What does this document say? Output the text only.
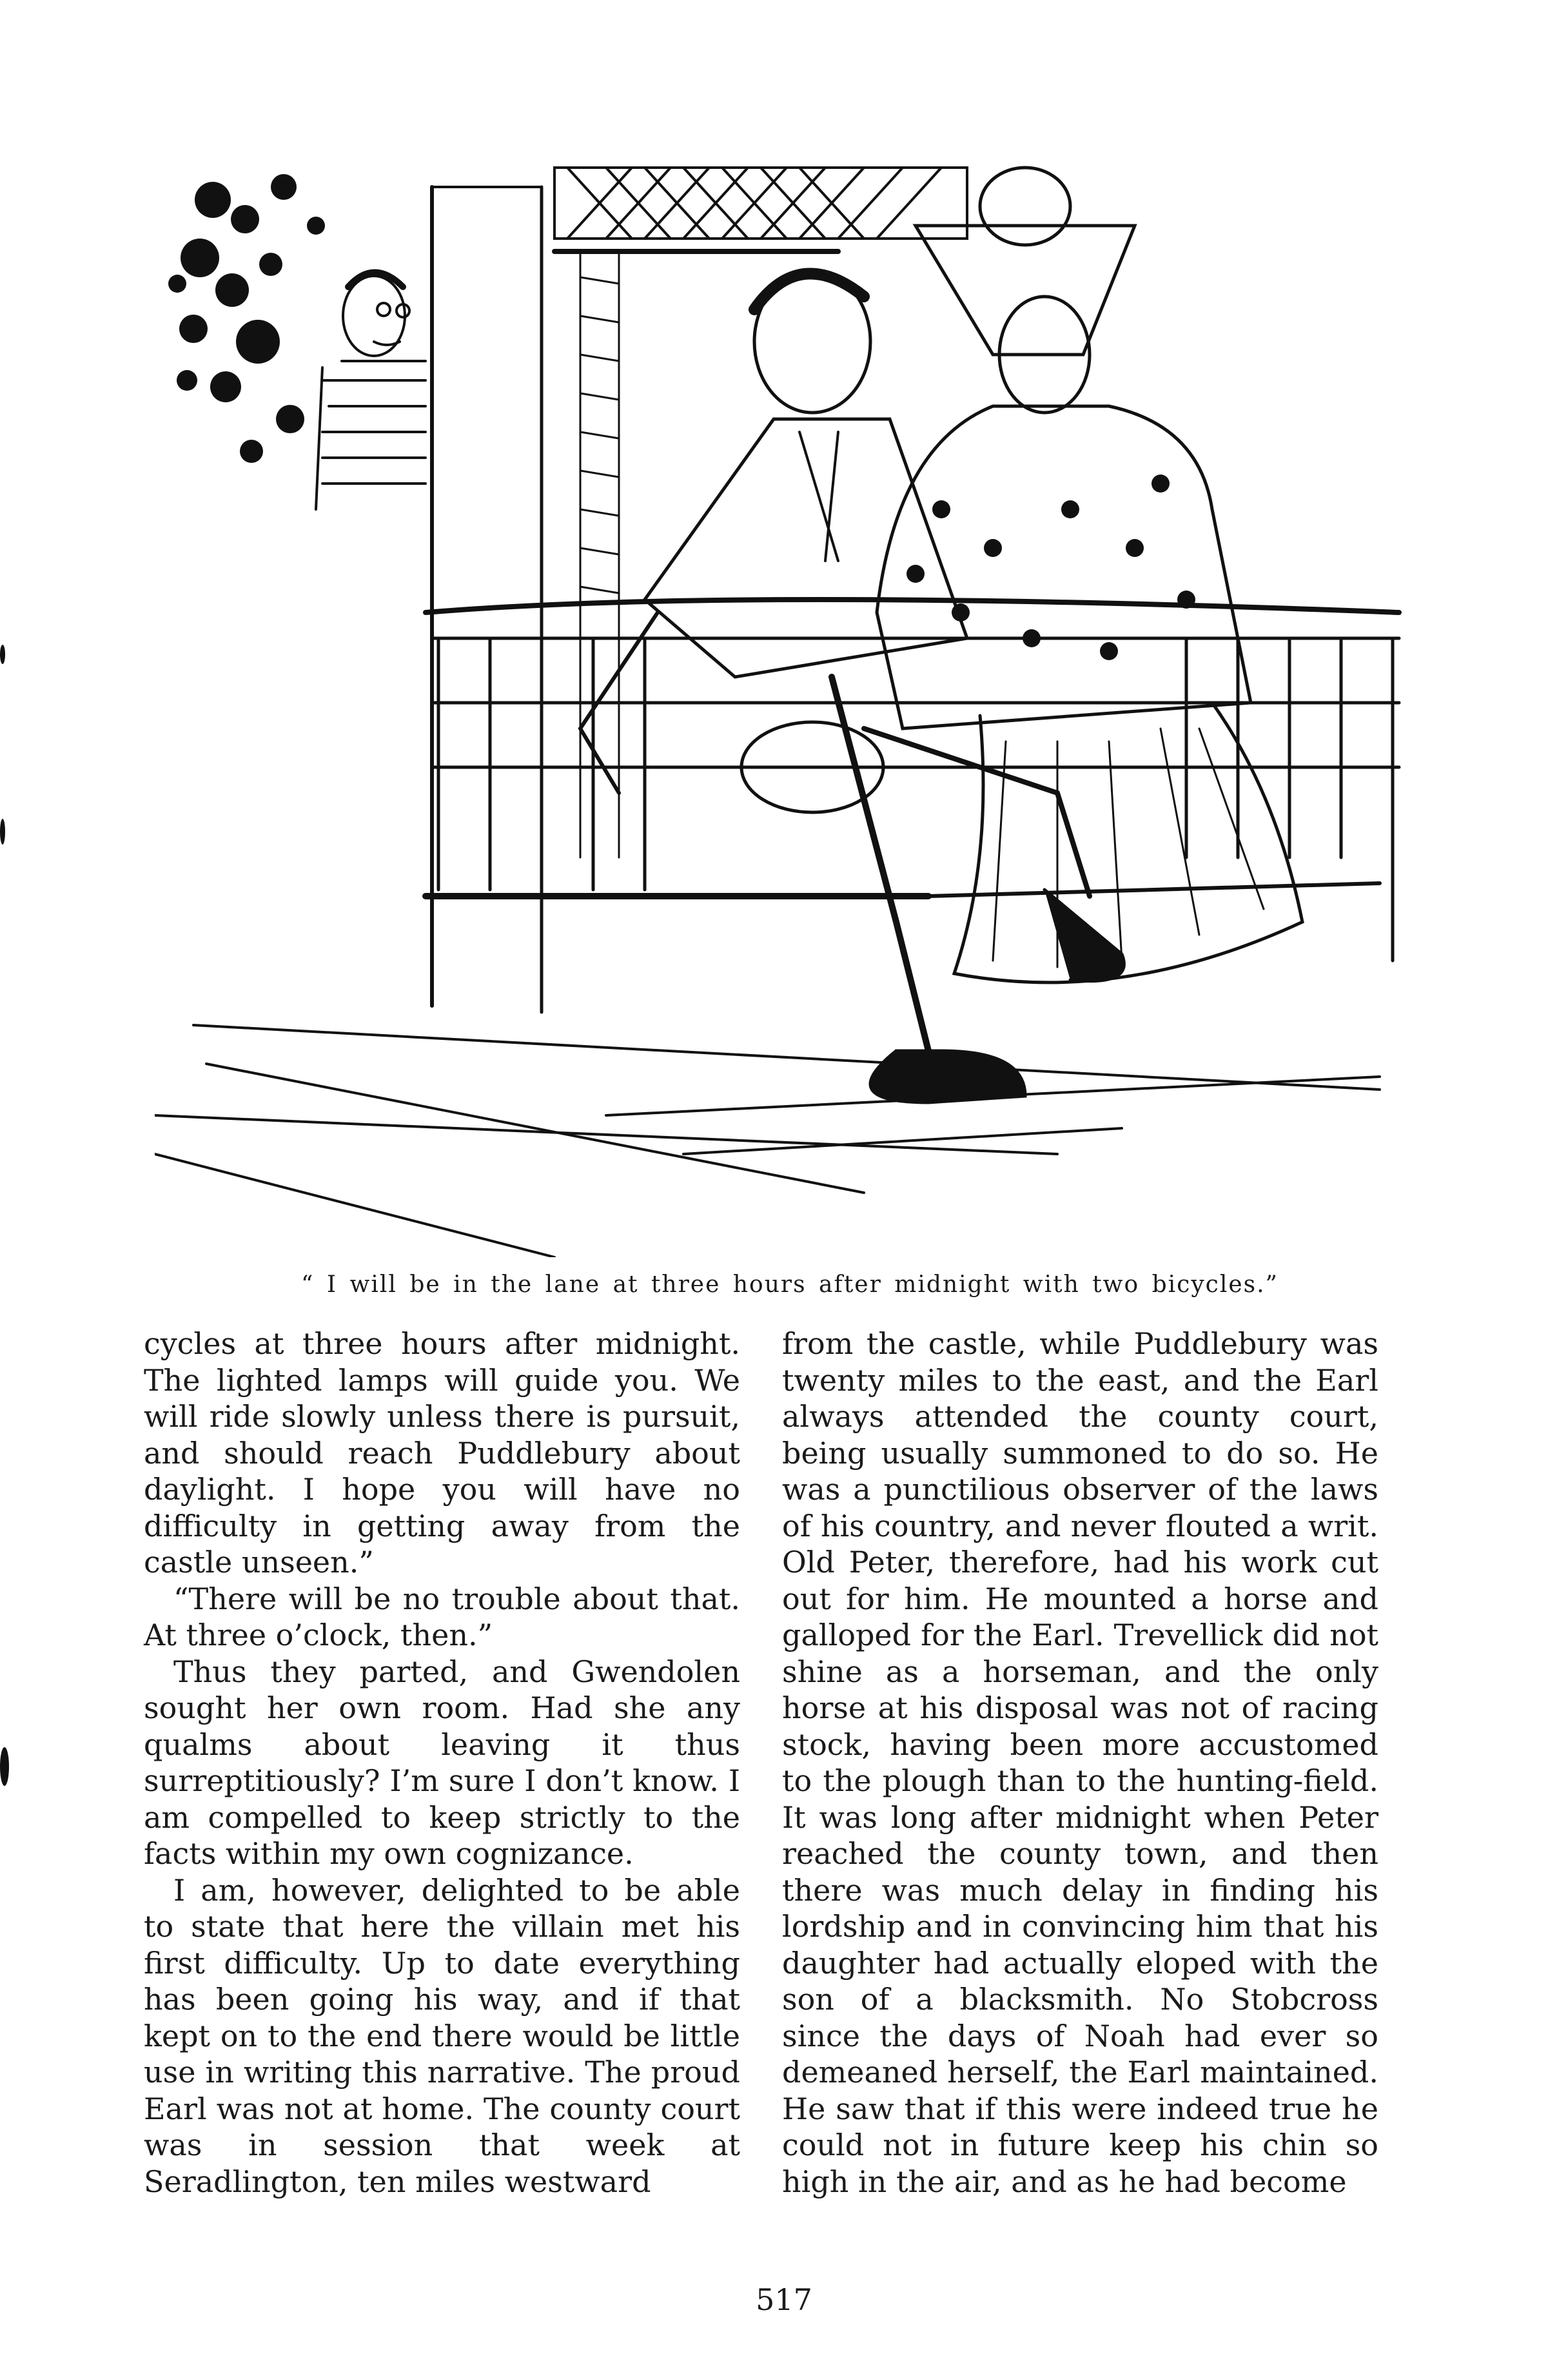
“ I will be in the lane at three hours after midnight with two bicycles.”

cycles at three hours after midnight. The lighted lamps will guide you. We will ride slowly unless there is pursuit, and should reach Puddlebury about daylight. I hope you will have no difficulty in getting away from the castle unseen.”

“There will be no trouble about that. At three o’clock, then.”

Thus they parted, and Gwendolen sought her own room. Had she any qualms about leaving it thus surreptitiously? I’m sure I don’t know. I am compelled to keep strictly to the facts within my own cognizance.

I am, however, delighted to be able to state that here the villain met his first difficulty. Up to date everything has been going his way, and if that kept on to the end there would be little use in writing this narrative. The proud Earl was not at home. The county court was in session that week at Seradlington, ten miles westward

from the castle, while Puddlebury was twenty miles to the east, and the Earl always attended the county court, being usually summoned to do so. He was a punctilious observer of the laws of his country, and never flouted a writ. Old Peter, therefore, had his work cut out for him. He mounted a horse and galloped for the Earl. Trevellick did not shine as a horseman, and the only horse at his disposal was not of racing stock, having been more accustomed to the plough than to the hunting-field. It was long after midnight when Peter reached the county town, and then there was much delay in finding his lordship and in convincing him that his daughter had actually eloped with the son of a blacksmith. No Stobcross since the days of Noah had ever so demeaned herself, the Earl maintained. He saw that if this were indeed true he could not in future keep his chin so high in the air, and as he had become

517
